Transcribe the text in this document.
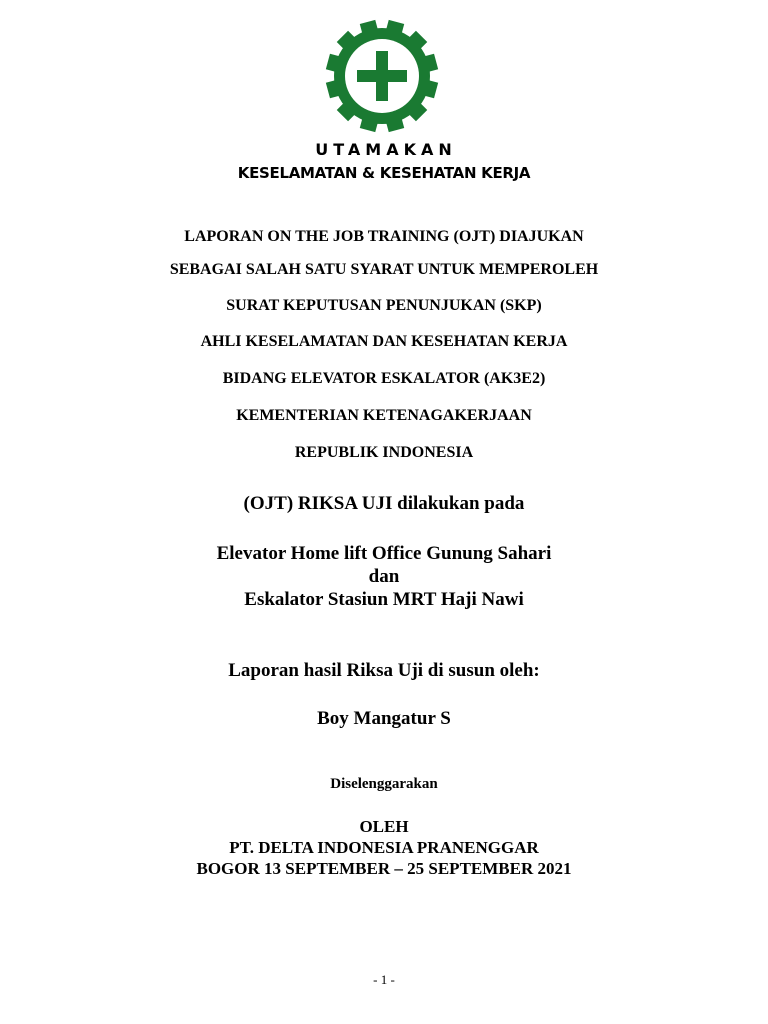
UTAMAKAN
KESELAMATAN & KESEHATAN KERJA
LAPORAN ON THE JOB TRAINING (OJT) DIAJUKAN
SEBAGAI SALAH SATU SYARAT UNTUK MEMPEROLEH
SURAT KEPUTUSAN PENUNJUKAN (SKP)
AHLI KESELAMATAN DAN KESEHATAN KERJA
BIDANG ELEVATOR ESKALATOR (AK3E2)
KEMENTERIAN KETENAGAKERJAAN
REPUBLIK INDONESIA
(OJT) RIKSA UJI dilakukan pada
Elevator Home lift Office Gunung Sahari
dan
Eskalator Stasiun MRT Haji Nawi
Laporan hasil Riksa Uji di susun oleh:
Boy Mangatur S
Diselenggarakan
OLEH
PT. DELTA INDONESIA PRANENGGAR
BOGOR 13 SEPTEMBER – 25 SEPTEMBER 2021
- 1 -
